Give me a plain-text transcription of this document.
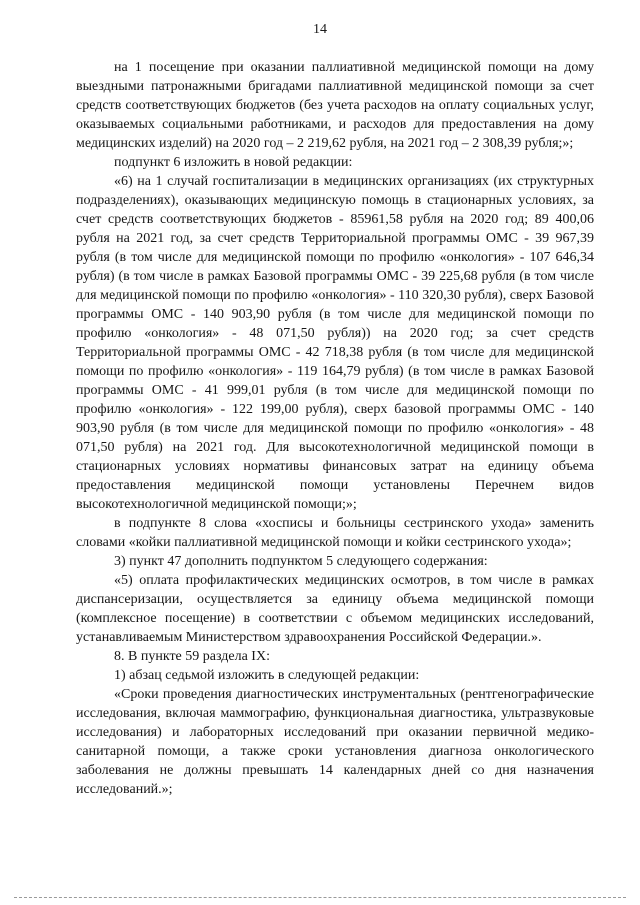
14

на 1 посещение при оказании паллиативной медицинской помощи на дому выездными патронажными бригадами паллиативной медицинской помощи за счет средств соответствующих бюджетов (без учета расходов на оплату социальных услуг, оказываемых социальными работниками, и расходов для предоставления на дому медицинских изделий) на 2020 год – 2 219,62 рубля, на 2021 год – 2 308,39 рубля;»;

подпункт 6 изложить в новой редакции:

«6) на 1 случай госпитализации в медицинских организациях (их структурных подразделениях), оказывающих медицинскую помощь в стационарных условиях, за счет средств соответствующих бюджетов - 85961,58 рубля на 2020 год; 89 400,06 рубля на 2021 год, за счет средств Территориальной программы ОМС - 39 967,39 рубля (в том числе для медицинской помощи по профилю «онкология» - 107 646,34 рубля) (в том числе в рамках Базовой программы ОМС - 39 225,68 рубля (в том числе для медицинской помощи по профилю «онкология» - 110 320,30 рубля), сверх Базовой программы ОМС - 140 903,90 рубля (в том числе для медицинской помощи по профилю «онкология» - 48 071,50 рубля)) на 2020 год; за счет средств Территориальной программы ОМС - 42 718,38 рубля (в том числе для медицинской помощи по профилю «онкология» - 119 164,79 рубля) (в том числе в рамках Базовой программы ОМС - 41 999,01 рубля (в том числе для медицинской помощи по профилю «онкология» - 122 199,00 рубля), сверх базовой программы ОМС - 140 903,90 рубля (в том числе для медицинской помощи по профилю «онкология» - 48 071,50 рубля) на 2021 год. Для высокотехнологичной медицинской помощи в стационарных условиях нормативы финансовых затрат на единицу объема предоставления медицинской помощи установлены Перечнем видов высокотехнологичной медицинской помощи;»;

в подпункте 8 слова «хосписы и больницы сестринского ухода» заменить словами «койки паллиативной медицинской помощи и койки сестринского ухода»;

3) пункт 47 дополнить подпунктом 5 следующего содержания:

«5) оплата профилактических медицинских осмотров, в том числе в рамках диспансеризации, осуществляется за единицу объема медицинской помощи (комплексное посещение) в соответствии с объемом медицинских исследований, устанавливаемым Министерством здравоохранения Российской Федерации.».

8. В пункте 59 раздела IX:

1) абзац седьмой изложить в следующей редакции:

«Сроки проведения диагностических инструментальных (рентгенографические исследования, включая маммографию, функциональная диагностика, ультразвуковые исследования) и лабораторных исследований при оказании первичной медико-санитарной помощи, а также сроки установления диагноза онкологического заболевания не должны превышать 14 календарных дней со дня назначения исследований.»;
